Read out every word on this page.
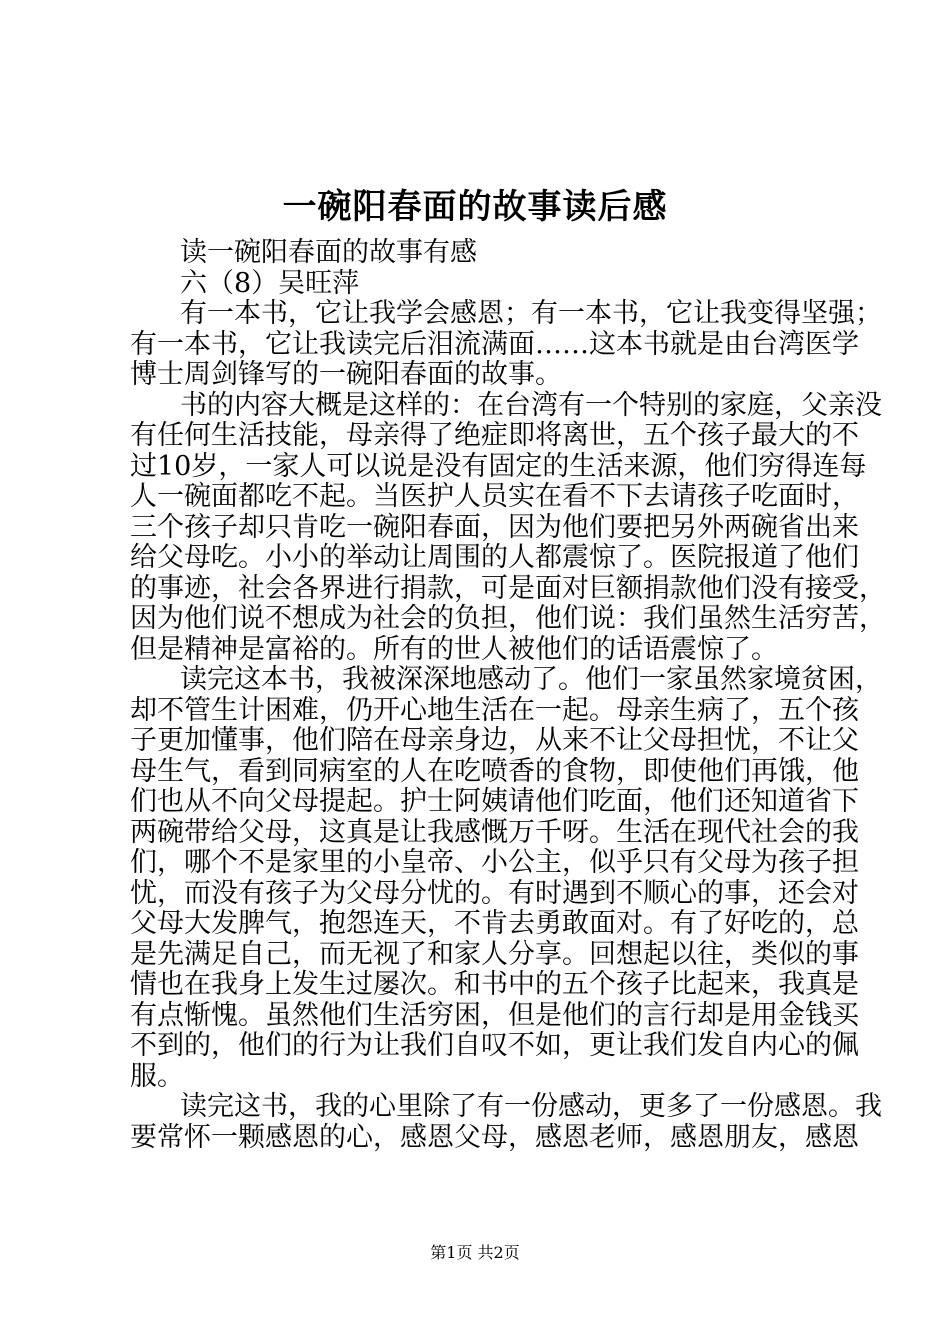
一碗阳春面的故事读后感
读一碗阳春面的故事有感
六（8）吴旺萍
有一本书，它让我学会感恩；有一本书，它让我变得坚强；
有一本书，它让我读完后泪流满面……这本书就是由台湾医学
博士周剑锋写的一碗阳春面的故事。
书的内容大概是这样的：在台湾有一个特别的家庭，父亲没
有任何生活技能，母亲得了绝症即将离世，五个孩子最大的不
过10岁，一家人可以说是没有固定的生活来源，他们穷得连每
人一碗面都吃不起。当医护人员实在看不下去请孩子吃面时，
三个孩子却只肯吃一碗阳春面，因为他们要把另外两碗省出来
给父母吃。小小的举动让周围的人都震惊了。医院报道了他们
的事迹，社会各界进行捐款，可是面对巨额捐款他们没有接受，
因为他们说不想成为社会的负担，他们说：我们虽然生活穷苦，
但是精神是富裕的。所有的世人被他们的话语震惊了。
读完这本书，我被深深地感动了。他们一家虽然家境贫困，
却不管生计困难，仍开心地生活在一起。母亲生病了，五个孩
子更加懂事，他们陪在母亲身边，从来不让父母担忧，不让父
母生气，看到同病室的人在吃喷香的食物，即使他们再饿，他
们也从不向父母提起。护士阿姨请他们吃面，他们还知道省下
两碗带给父母，这真是让我感慨万千呀。生活在现代社会的我
们，哪个不是家里的小皇帝、小公主，似乎只有父母为孩子担
忧，而没有孩子为父母分忧的。有时遇到不顺心的事，还会对
父母大发脾气，抱怨连天，不肯去勇敢面对。有了好吃的，总
是先满足自己，而无视了和家人分享。回想起以往，类似的事
情也在我身上发生过屡次。和书中的五个孩子比起来，我真是
有点惭愧。虽然他们生活穷困，但是他们的言行却是用金钱买
不到的，他们的行为让我们自叹不如，更让我们发自内心的佩
服。
读完这书，我的心里除了有一份感动，更多了一份感恩。我
要常怀一颗感恩的心，感恩父母，感恩老师，感恩朋友，感恩
第1页 共2页
